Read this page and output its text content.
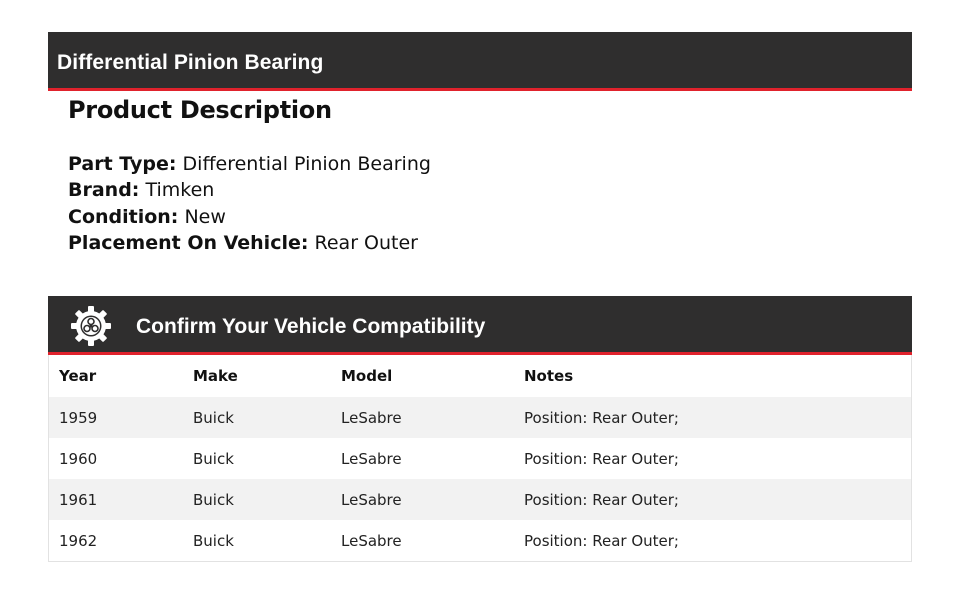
Differential Pinion Bearing
Product Description
Part Type: Differential Pinion Bearing
Brand: Timken
Condition: New
Placement On Vehicle: Rear Outer
Confirm Your Vehicle Compatibility
Year	Make	Model	Notes
1959	Buick	LeSabre	Position: Rear Outer;
1960	Buick	LeSabre	Position: Rear Outer;
1961	Buick	LeSabre	Position: Rear Outer;
1962	Buick	LeSabre	Position: Rear Outer;
